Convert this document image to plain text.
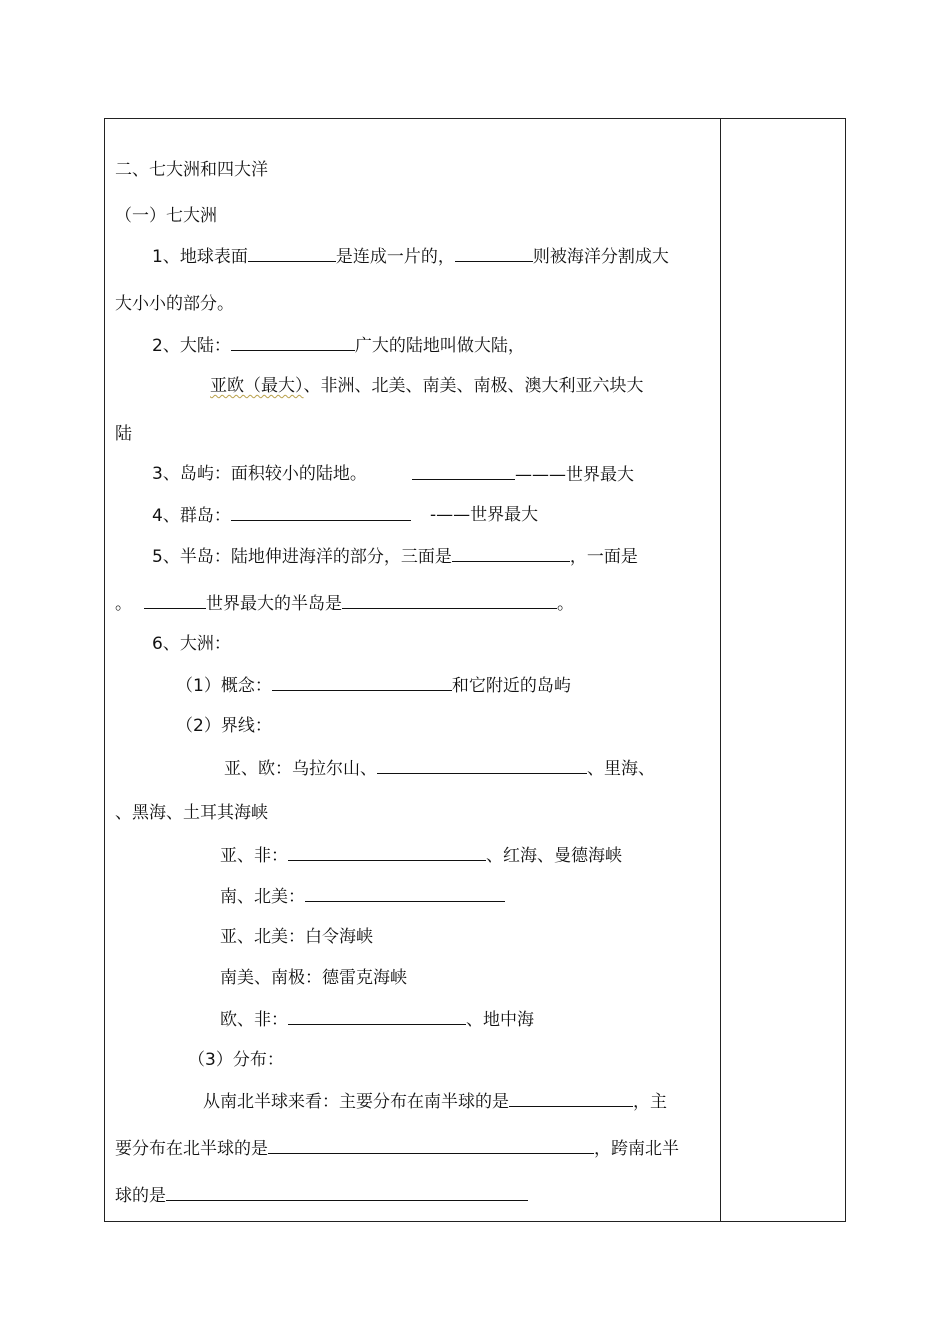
二、七大洲和四大洋
（一）七大洲
1、地球表面	是连成一片的，	则被海洋分割成大
大小小的部分。
2、大陆：	广大的陆地叫做大陆，
亚欧（最大）、非洲、北美、南美、南极、澳大利亚六块大
陆
3、岛屿：面积较小的陆地。	———世界最大
4、群岛：	-——世界最大
5、半岛：陆地伸进海洋的部分，三面是	，一面是
。	世界最大的半岛是	。
6、大洲：
（1）概念：	和它附近的岛屿
（2）界线：
亚、欧：乌拉尔山、	、里海、
、黑海、土耳其海峡
亚、非：	、红海、曼德海峡
南、北美：
亚、北美：白令海峡
南美、南极：德雷克海峡
欧、非：	、地中海
（3）分布：
从南北半球来看：主要分布在南半球的是	，主
要分布在北半球的是	，跨南北半
球的是
